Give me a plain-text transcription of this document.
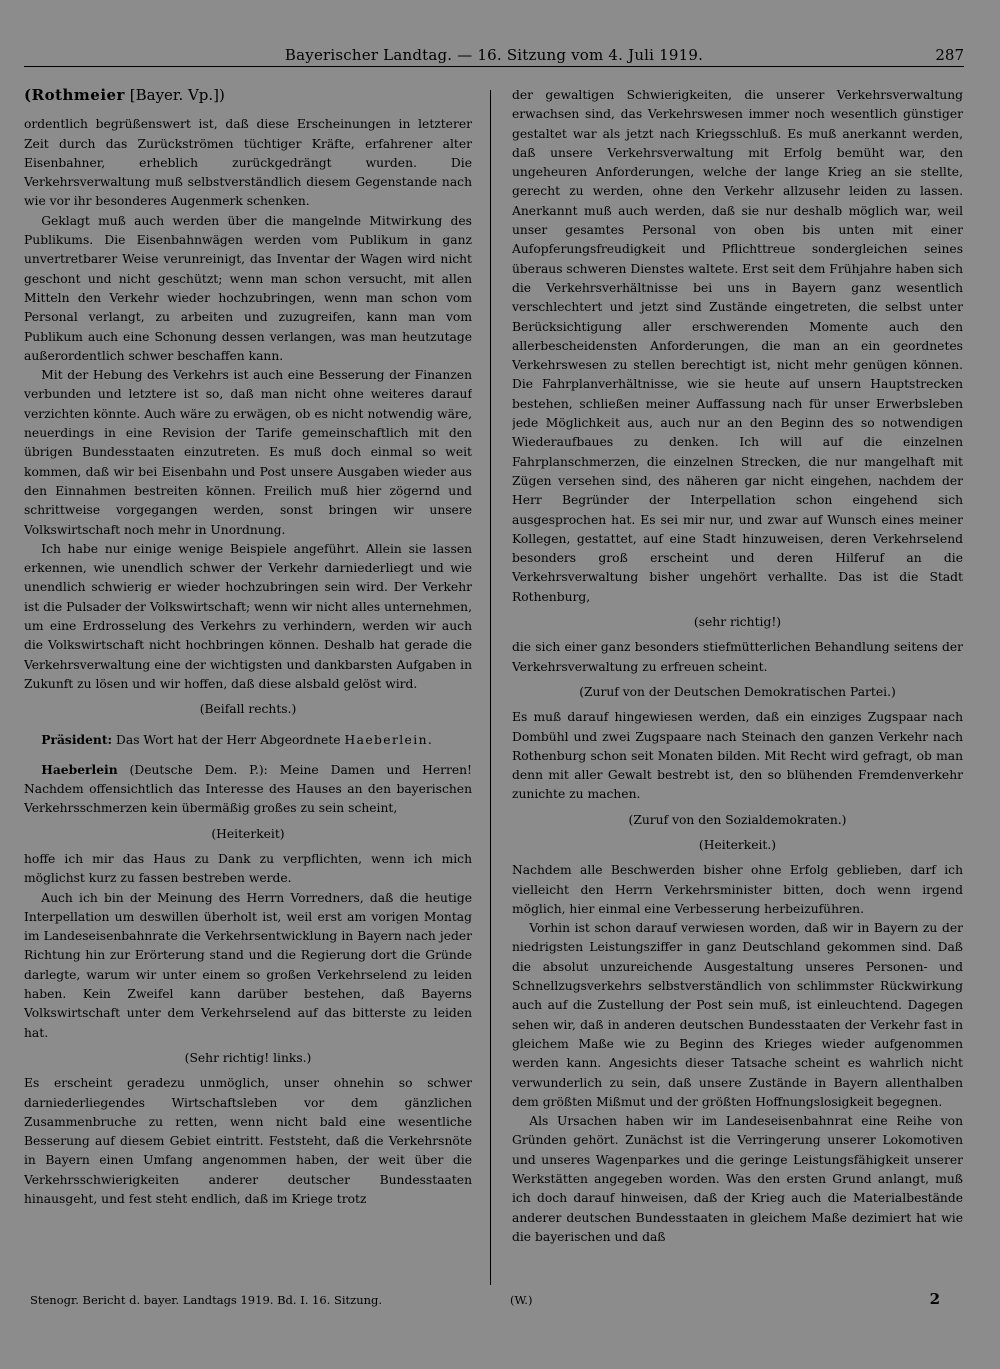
Bayerischer Landtag. — 16. Sitzung vom 4. Juli 1919.	287
(Rothmeier [Bayer. Vp.])

ordentlich begrüßenswert ist, daß diese Erscheinungen in letzterer Zeit durch das Zurückströmen tüchtiger Kräfte, erfahrener alter Eisenbahner, erheblich zurückgedrängt wurden. Die Verkehrsverwaltung muß selbstverständlich diesem Gegenstande nach wie vor ihr besonderes Augenmerk schenken.

Geklagt muß auch werden über die mangelnde Mitwirkung des Publikums. Die Eisenbahnwägen werden vom Publikum in ganz unvertretbarer Weise verunreinigt, das Inventar der Wagen wird nicht geschont und nicht geschützt; wenn man schon versucht, mit allen Mitteln den Verkehr wieder hochzubringen, wenn man schon vom Personal verlangt, zu arbeiten und zuzugreifen, kann man vom Publikum auch eine Schonung dessen verlangen, was man heutzutage außerordentlich schwer beschaffen kann.

Mit der Hebung des Verkehrs ist auch eine Besserung der Finanzen verbunden und letztere ist so, daß man nicht ohne weiteres darauf verzichten könnte. Auch wäre zu erwägen, ob es nicht notwendig wäre, neuerdings in eine Revision der Tarife gemeinschaftlich mit den übrigen Bundesstaaten einzutreten. Es muß doch einmal so weit kommen, daß wir bei Eisenbahn und Post unsere Ausgaben wieder aus den Einnahmen bestreiten können. Freilich muß hier zögernd und schrittweise vorgegangen werden, sonst bringen wir unsere Volkswirtschaft noch mehr in Unordnung.

Ich habe nur einige wenige Beispiele angeführt. Allein sie lassen erkennen, wie unendlich schwer der Verkehr darniederliegt und wie unendlich schwierig er wieder hochzubringen sein wird. Der Verkehr ist die Pulsader der Volkswirtschaft; wenn wir nicht alles unternehmen, um eine Erdrosselung des Verkehrs zu verhindern, werden wir auch die Volkswirtschaft nicht hochbringen können. Deshalb hat gerade die Verkehrsverwaltung eine der wichtigsten und dankbarsten Aufgaben in Zukunft zu lösen und wir hoffen, daß diese alsbald gelöst wird.

(Beifall rechts.)

Präsident: Das Wort hat der Herr Abgeordnete Haeberlein.

Haeberlein (Deutsche Dem. P.): Meine Damen und Herren! Nachdem offensichtlich das Interesse des Hauses an den bayerischen Verkehrsschmerzen kein übermäßig großes zu sein scheint,

(Heiterkeit)

hoffe ich mir das Haus zu Dank zu verpflichten, wenn ich mich möglichst kurz zu fassen bestreben werde.

Auch ich bin der Meinung des Herrn Vorredners, daß die heutige Interpellation um deswillen überholt ist, weil erst am vorigen Montag im Landeseisenbahnrate die Verkehrsentwicklung in Bayern nach jeder Richtung hin zur Erörterung stand und die Regierung dort die Gründe darlegte, warum wir unter einem so großen Verkehrselend zu leiden haben. Kein Zweifel kann darüber bestehen, daß Bayerns Volkswirtschaft unter dem Verkehrselend auf das bitterste zu leiden hat.

(Sehr richtig! links.)

Es erscheint geradezu unmöglich, unser ohnehin so schwer darniederliegendes Wirtschaftsleben vor dem gänzlichen Zusammenbruche zu retten, wenn nicht bald eine wesentliche Besserung auf diesem Gebiet eintritt. Feststeht, daß die Verkehrsnöte in Bayern einen Umfang angenommen haben, der weit über die Verkehrsschwierigkeiten anderer deutscher Bundesstaaten hinausgeht, und fest steht endlich, daß im Kriege trotz

der gewaltigen Schwierigkeiten, die unserer Verkehrsverwaltung erwachsen sind, das Verkehrswesen immer noch wesentlich günstiger gestaltet war als jetzt nach Kriegsschluß. Es muß anerkannt werden, daß unsere Verkehrsverwaltung mit Erfolg bemüht war, den ungeheuren Anforderungen, welche der lange Krieg an sie stellte, gerecht zu werden, ohne den Verkehr allzusehr leiden zu lassen. Anerkannt muß auch werden, daß sie nur deshalb möglich war, weil unser gesamtes Personal von oben bis unten mit einer Aufopferungsfreudigkeit und Pflichttreue sondergleichen seines überaus schweren Dienstes waltete. Erst seit dem Frühjahre haben sich die Verkehrsverhältnisse bei uns in Bayern ganz wesentlich verschlechtert und jetzt sind Zustände eingetreten, die selbst unter Berücksichtigung aller erschwerenden Momente auch den allerbescheidensten Anforderungen, die man an ein geordnetes Verkehrswesen zu stellen berechtigt ist, nicht mehr genügen können. Die Fahrplanverhältnisse, wie sie heute auf unsern Hauptstrecken bestehen, schließen meiner Auffassung nach für unser Erwerbsleben jede Möglichkeit aus, auch nur an den Beginn des so notwendigen Wiederaufbaues zu denken. Ich will auf die einzelnen Fahrplanschmerzen, die einzelnen Strecken, die nur mangelhaft mit Zügen versehen sind, des näheren gar nicht eingehen, nachdem der Herr Begründer der Interpellation schon eingehend sich ausgesprochen hat. Es sei mir nur, und zwar auf Wunsch eines meiner Kollegen, gestattet, auf eine Stadt hinzuweisen, deren Verkehrselend besonders groß erscheint und deren Hilferuf an die Verkehrsverwaltung bisher ungehört verhallte. Das ist die Stadt Rothenburg,

(sehr richtig!)

die sich einer ganz besonders stiefmütterlichen Behandlung seitens der Verkehrsverwaltung zu erfreuen scheint.

(Zuruf von der Deutschen Demokratischen Partei.)

Es muß darauf hingewiesen werden, daß ein einziges Zugspaar nach Dombühl und zwei Zugspaare nach Steinach den ganzen Verkehr nach Rothenburg schon seit Monaten bilden. Mit Recht wird gefragt, ob man denn mit aller Gewalt bestrebt ist, den so blühenden Fremdenverkehr zunichte zu machen.

(Zuruf von den Sozialdemokraten.)

(Heiterkeit.)

Nachdem alle Beschwerden bisher ohne Erfolg geblieben, darf ich vielleicht den Herrn Verkehrsminister bitten, doch wenn irgend möglich, hier einmal eine Verbesserung herbeizuführen.

Vorhin ist schon darauf verwiesen worden, daß wir in Bayern zu der niedrigsten Leistungsziffer in ganz Deutschland gekommen sind. Daß die absolut unzureichende Ausgestaltung unseres Personen- und Schnellzugsverkehrs selbstverständlich von schlimmster Rückwirkung auch auf die Zustellung der Post sein muß, ist einleuchtend. Dagegen sehen wir, daß in anderen deutschen Bundesstaaten der Verkehr fast in gleichem Maße wie zu Beginn des Krieges wieder aufgenommen werden kann. Angesichts dieser Tatsache scheint es wahrlich nicht verwunderlich zu sein, daß unsere Zustände in Bayern allenthalben dem größten Mißmut und der größten Hoffnungslosigkeit begegnen.

Als Ursachen haben wir im Landeseisenbahnrat eine Reihe von Gründen gehört. Zunächst ist die Verringerung unserer Lokomotiven und unseres Wagenparkes und die geringe Leistungsfähigkeit unserer Werkstätten angegeben worden. Was den ersten Grund anlangt, muß ich doch darauf hinweisen, daß der Krieg auch die Materialbestände anderer deutschen Bundesstaaten in gleichem Maße dezimiert hat wie die bayerischen und daß

Stenogr. Bericht d. bayer. Landtags 1919. Bd. I. 16. Sitzung.	(W.)	2
